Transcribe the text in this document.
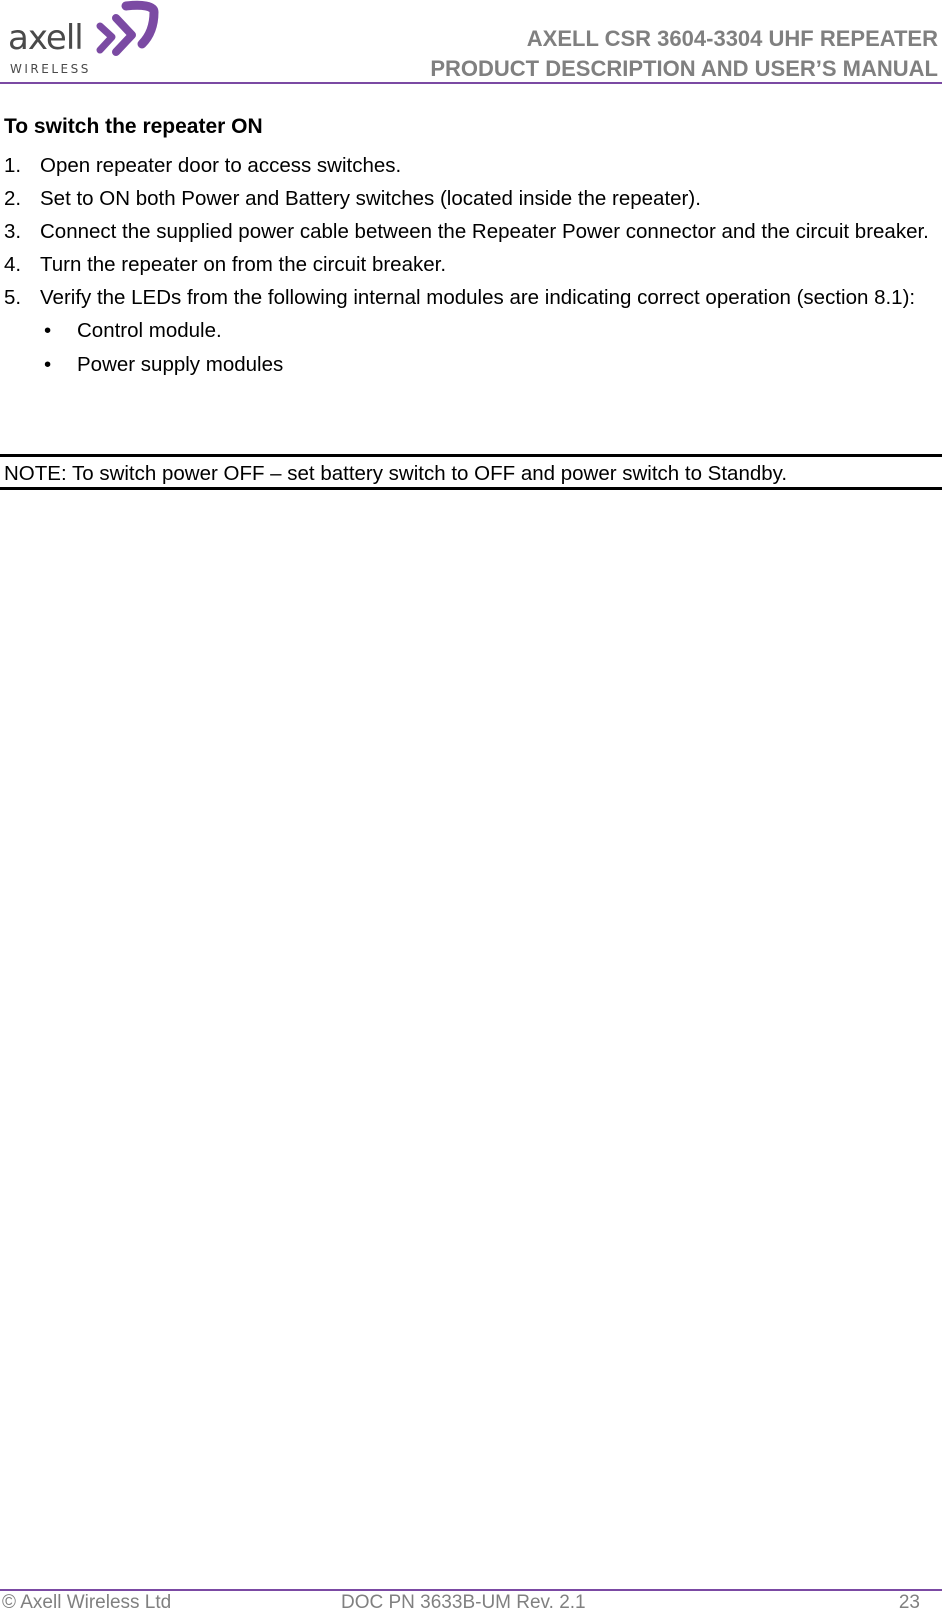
axell
WIRELESS
AXELL CSR 3604-3304 UHF REPEATER
PRODUCT DESCRIPTION AND USER’S MANUAL
To switch the repeater ON
1. Open repeater door to access switches.
2. Set to ON both Power and Battery switches (located inside the repeater).
3. Connect the supplied power cable between the Repeater Power connector and the circuit breaker.
4. Turn the repeater on from the circuit breaker.
5. Verify the LEDs from the following internal modules are indicating correct operation (section 8.1):
• Control module.
• Power supply modules
NOTE: To switch power OFF – set battery switch to OFF and power switch to Standby.
© Axell Wireless Ltd	DOC PN 3633B-UM Rev. 2.1	23
